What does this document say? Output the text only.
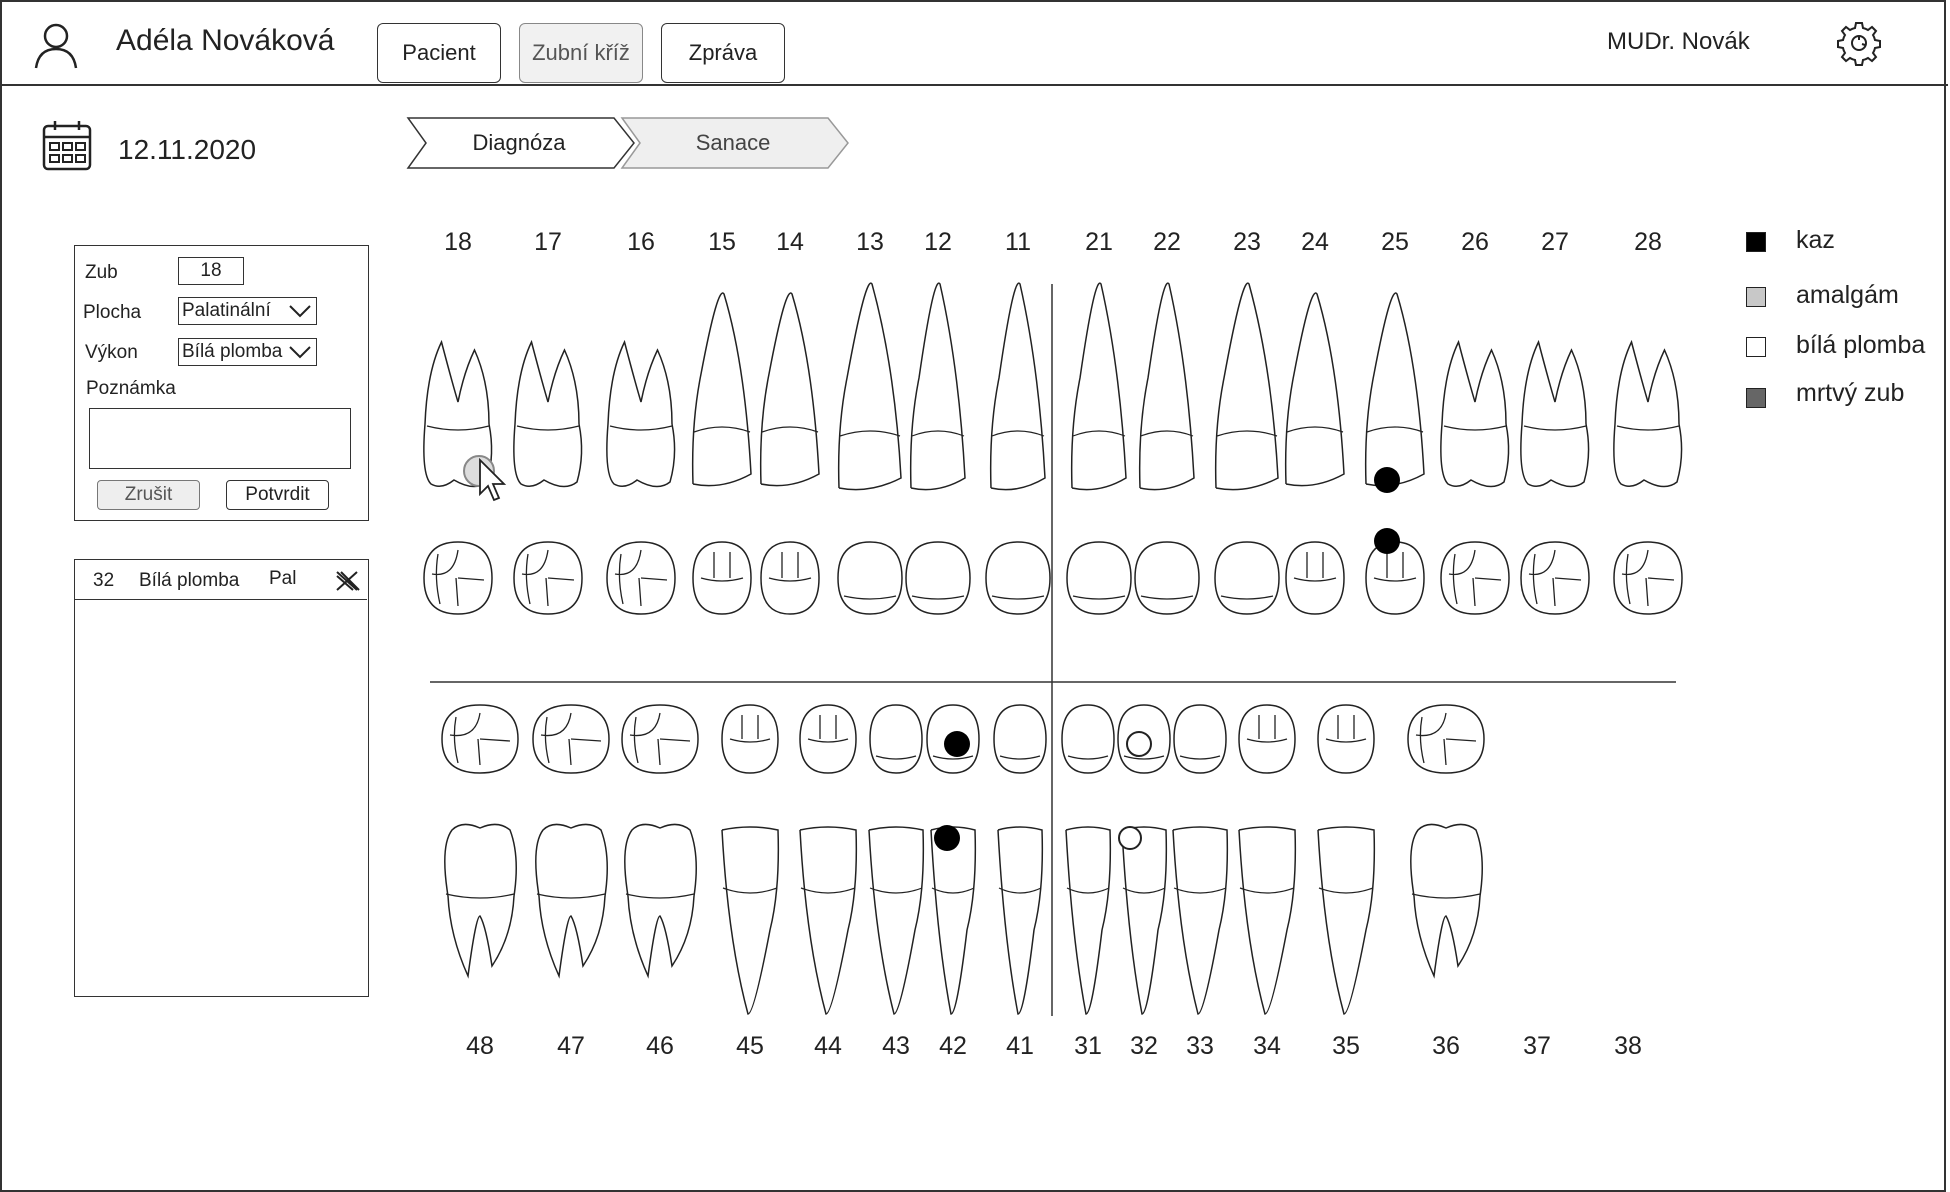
Adéla Nováková	Pacient	Zubní kříž	Zpráva	MUDr. Novák
12.11.2020	Diagnóza	Sanace
Zub	18
Plocha Palatinální
Výkon Bílá plomba
Poznámka
Zrušit	Potvrdit
32 Bílá plomba Pal
18 17	16 15 14 13 12 11 21 22 23 24 25 26 27	28
48	47 46 45 44 43 42 41 31 32 33 34 35	36	37	38
kaz
amalgám
bílá plomba
mrtvý zub
